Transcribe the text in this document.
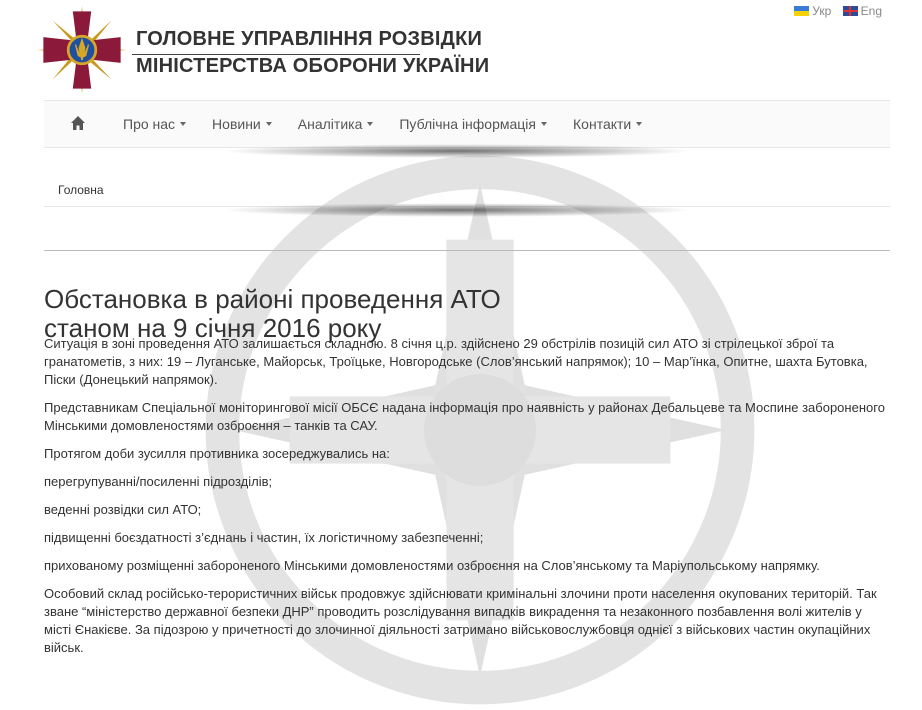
ГОЛОВНЕ УПРАВЛІННЯ РОЗВІДКИ
МІНІСТЕРСТВА ОБОРОНИ УКРАЇНИ
Укр
Eng
Про нас	Новини	Аналітика	Публічна інформація	Контакти
Головна
Обстановка в районі проведення АТО
станом на 9 січня 2016 року

Ситуація в зоні проведення АТО залишається складною. 8 січня ц.р. здійснено 29 обстрілів позицій сил АТО зі стрілецької зброї та гранатометів, з них: 19 – Луганське, Майорськ, Троїцьке, Новгородське (Слов’янський напрямок); 10 – Мар’їнка, Опитне, шахта Бутовка, Піски (Донецький напрямок).

Представникам Спеціальної моніторингової місії ОБСЄ надана інформація про наявність у районах Дебальцеве та Моспине забороненого Мінськими домовленостями озброєння – танків та САУ.

Протягом доби зусилля противника зосереджувались на:

перегрупуванні/посиленні підрозділів;

веденні розвідки сил АТО;

підвищенні боєздатності з’єднань і частин, їх логістичному забезпеченні;

прихованому розміщенні забороненого Мінськими домовленостями озброєння на Слов’янському та Маріупольському напрямку.

Особовий склад російсько-терористичних військ продовжує здійснювати кримінальні злочини проти населення окупованих територій. Так зване “міністерство державної безпеки ДНР” проводить розслідування випадків викрадення та незаконного позбавлення волі жителів у місті Єнакієве. За підозрою у причетності до злочинної діяльності затримано військовослужбовця однієї з військових частин окупаційних військ.
